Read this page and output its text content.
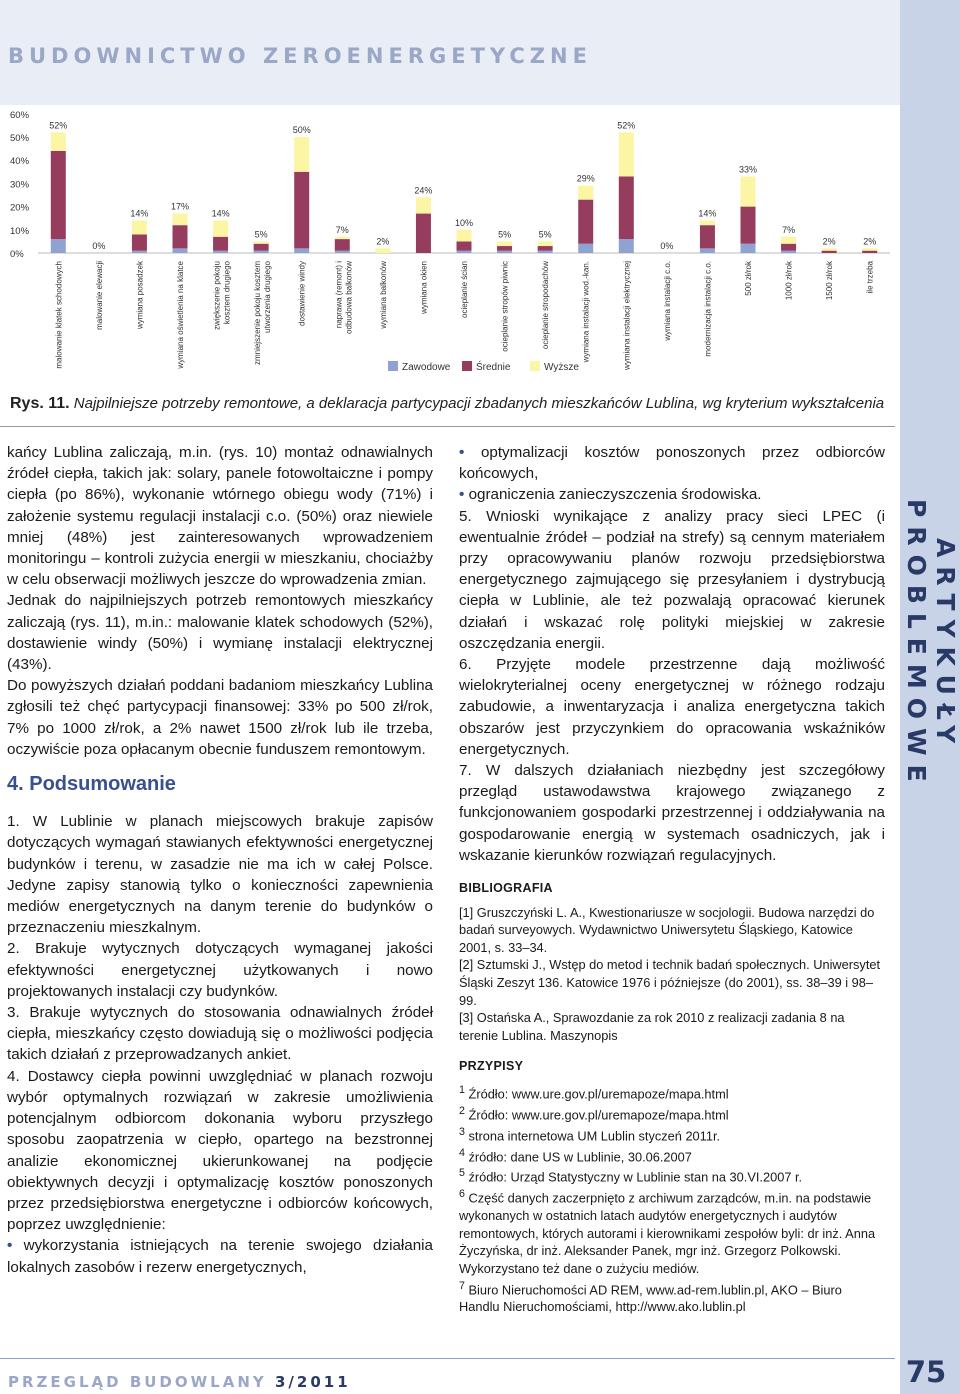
BUDOWNICTWO ZEROENERGETYCZNE
ARTYKUŁY PROBLEMOWE
0%
10%
20%
30%
40%
50%
60%
52%
malowanie klatek schodowych
0%
malowanie elewacji
14%
wymiana posadzek
17%
wymiana oświetlenia na klatce
14%
zwiększenie pokojukosztem drugiego
5%
zmniejszenie pokoju kosztemutworzenia drugiego
50%
dostawienie windy
7%
naprawa (remont) iodbudowa balkonów
2%
wymiana balkonów
24%
wymiana okien
10%
ocieplanie ścian
5%
ocieplanie stropów piwnic
5%
ocieplanie stropodachów
29%
wymiana instalacji wod.-kan.
52%
wymiana instalacji elektrycznej
0%
wymiana instalacji c.o.
14%
modernizacja instalacji c.o.
33%
500 zł/rok
7%
1000 zł/rok
2%
1500 zł/rok
2%
ile trzeba
Zawodowe	Średnie	Wyższe
Rys. 11. Najpilniejsze potrzeby remontowe, a deklaracja partycypacji zbadanych mieszkańców Lublina, wg kryterium wykształcenia

kańcy Lublina zaliczają, m.in. (rys. 10) montaż odnawialnych źródeł ciepła, takich jak: solary, panele fotowoltaiczne i pompy ciepła (po 86%), wykonanie wtórnego obiegu wody (71%) i założenie systemu regulacji instalacji c.o. (50%) oraz niewiele mniej (48%) jest zainteresowanych wprowadzeniem monitoringu – kontroli zużycia energii w mieszkaniu, chociażby w celu obserwacji możliwych jeszcze do wprowadzenia zmian.

Jednak do najpilniejszych potrzeb remontowych mieszkańcy zaliczają (rys. 11), m.in.: malowanie klatek schodowych (52%), dostawienie windy (50%) i wymianę instalacji elektrycznej (43%).

Do powyższych działań poddani badaniom mieszkańcy Lublina zgłosili też chęć partycypacji finansowej: 33% po 500 zł/rok, 7% po 1000 zł/rok, a 2% nawet 1500 zł/rok lub ile trzeba, oczywiście poza opłacanym obecnie funduszem remontowym.

4. Podsumowanie

1. W Lublinie w planach miejscowych brakuje zapisów dotyczących wymagań stawianych efektywności energetycznej budynków i terenu, w zasadzie nie ma ich w całej Polsce. Jedyne zapisy stanowią tylko o konieczności zapewnienia mediów energetycznych na danym terenie do budynków o przeznaczeniu mieszkalnym.

2. Brakuje wytycznych dotyczących wymaganej jakości efektywności energetycznej użytkowanych i nowo projektowanych instalacji czy budynków.

3. Brakuje wytycznych do stosowania odnawialnych źródeł ciepła, mieszkańcy często dowiadują się o możliwości podjęcia takich działań z przeprowadzanych ankiet.

4. Dostawcy ciepła powinni uwzględniać w planach rozwoju wybór optymalnych rozwiązań w zakresie umożliwienia potencjalnym odbiorcom dokonania wyboru przyszłego sposobu zaopatrzenia w ciepło, opartego na bezstronnej analizie ekonomicznej ukierunkowanej na podjęcie obiektywnych decyzji i optymalizację kosztów ponoszonych przez przedsiębiorstwa energetyczne i odbiorców końcowych, poprzez uwzględnienie:

• wykorzystania istniejących na terenie swojego działania lokalnych zasobów i rezerw energetycznych,

• optymalizacji kosztów ponoszonych przez odbiorców końcowych,

• ograniczenia zanieczyszczenia środowiska.

5. Wnioski wynikające z analizy pracy sieci LPEC (i ewentualnie źródeł – podział na strefy) są cennym materiałem przy opracowywaniu planów rozwoju przedsiębiorstwa energetycznego zajmującego się przesyłaniem i dystrybucją ciepła w Lublinie, ale też pozwalają opracować kierunek działań i wskazać rolę polityki miejskiej w zakresie oszczędzania energii.

6. Przyjęte modele przestrzenne dają możliwość wielokryterialnej oceny energetycznej w różnego rodzaju zabudowie, a inwentaryzacja i analiza energetyczna takich obszarów jest przyczynkiem do opracowania wskaźników energetycznych.

7. W dalszych działaniach niezbędny jest szczegółowy przegląd ustawodawstwa krajowego związanego z funkcjonowaniem gospodarki przestrzennej i oddziaływania na gospodarowanie energią w systemach osadniczych, jak i wskazanie kierunków rozwiązań regulacyjnych.

BIBLIOGRAFIA

[1] Gruszczyński L. A., Kwestionariusze w socjologii. Budowa narzędzi do badań surveyowych. Wydawnictwo Uniwersytetu Śląskiego, Katowice 2001, s. 33–34.

[2] Sztumski J., Wstęp do metod i technik badań społecznych. Uniwersytet Śląski Zeszyt 136. Katowice 1976 i późniejsze (do 2001), ss. 38–39 i 98–99.

[3] Ostańska A., Sprawozdanie za rok 2010 z realizacji zadania 8 na terenie Lublina. Maszynopis

PRZYPISY

$^1$ Źródło: www.ure.gov.pl/uremapoze/mapa.html

$^2$ Źródło: www.ure.gov.pl/uremapoze/mapa.html

$^3$ strona internetowa UM Lublin styczeń 2011r.

$^4$ źródło: dane US w Lublinie, 30.06.2007

$^5$ źródło: Urząd Statystyczny w Lublinie stan na 30.VI.2007 r.

$^6$ Część danych zaczerpnięto z archiwum zarządców, m.in. na podstawie wykonanych w ostatnich latach audytów energetycznych i audytów remontowych, których autorami i kierownikami zespołów byli: dr inż. Anna Życzyńska, dr inż. Aleksander Panek, mgr inż. Grzegorz Polkowski. Wykorzystano też dane o zużyciu mediów.

$^7$ Biuro Nieruchomości AD REM, www.ad-rem.lublin.pl, AKO – Biuro Handlu Nieruchomościami, http://www.ako.lublin.pl

PRZEGLĄD BUDOWLANY 3/2011	75
